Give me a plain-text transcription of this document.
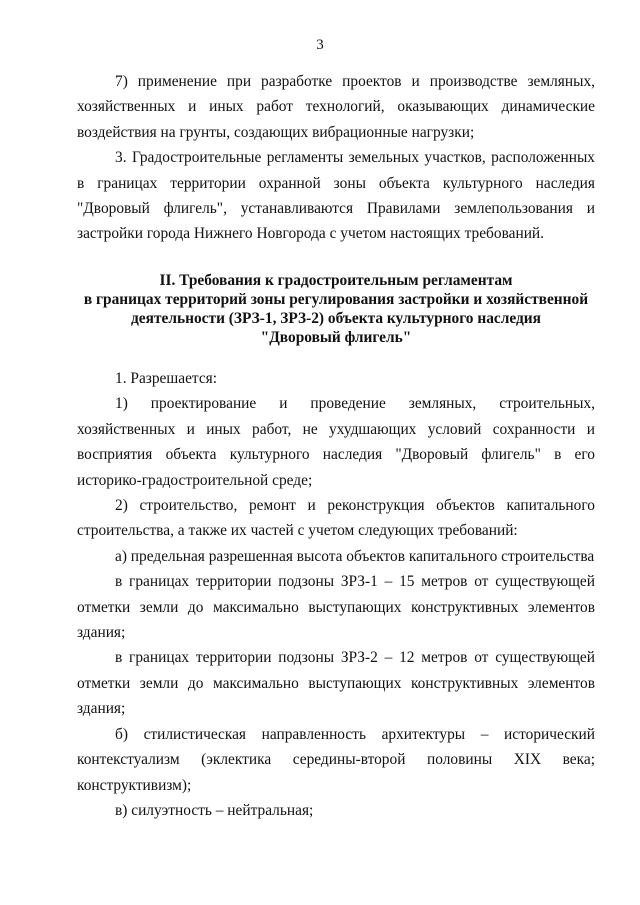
3

7) применение при разработке проектов и производстве земляных, хозяйственных и иных работ технологий, оказывающих динамические воздействия на грунты, создающих вибрационные нагрузки;

3. Градостроительные регламенты земельных участков, расположенных в границах территории охранной зоны объекта культурного наследия "Дворовый флигель", устанавливаются Правилами землепользования и застройки города Нижнего Новгорода с учетом настоящих требований.

II. Требования к градостроительным регламентам
в границах территорий зоны регулирования застройки и хозяйственной
деятельности (ЗРЗ-1, ЗРЗ-2) объекта культурного наследия
"Дворовый флигель"

1. Разрешается:

1) проектирование и проведение земляных, строительных, хозяйственных и иных работ, не ухудшающих условий сохранности и восприятия объекта культурного наследия "Дворовый флигель" в его историко-градостроительной среде;

2) строительство, ремонт и реконструкция объектов капитального строительства, а также их частей с учетом следующих требований:

а) предельная разрешенная высота объектов капитального строительства

в границах территории подзоны ЗРЗ-1 – 15 метров от существующей отметки земли до максимально выступающих конструктивных элементов здания;

в границах территории подзоны ЗРЗ-2 – 12 метров от существующей отметки земли до максимально выступающих конструктивных элементов здания;

б) стилистическая направленность архитектуры – исторический контекстуализм (эклектика середины-второй половины XIX века; конструктивизм);

в) силуэтность – нейтральная;
